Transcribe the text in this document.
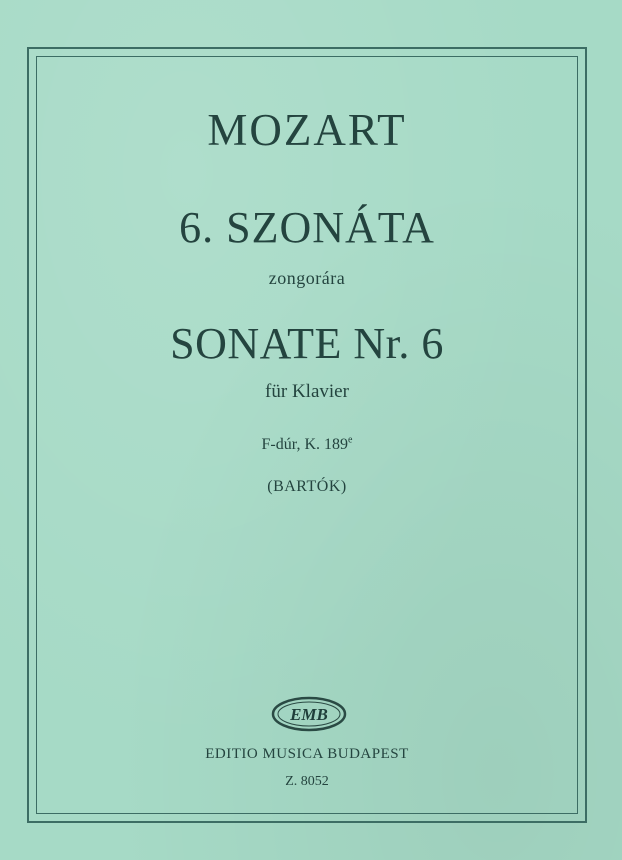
MOZART
6. SZONÁTA
zongorára
SONATE Nr. 6
für Klavier
F-dúr, K. 189e
(BARTÓK)
EMB
EDITIO MUSICA BUDAPEST
Z. 8052
